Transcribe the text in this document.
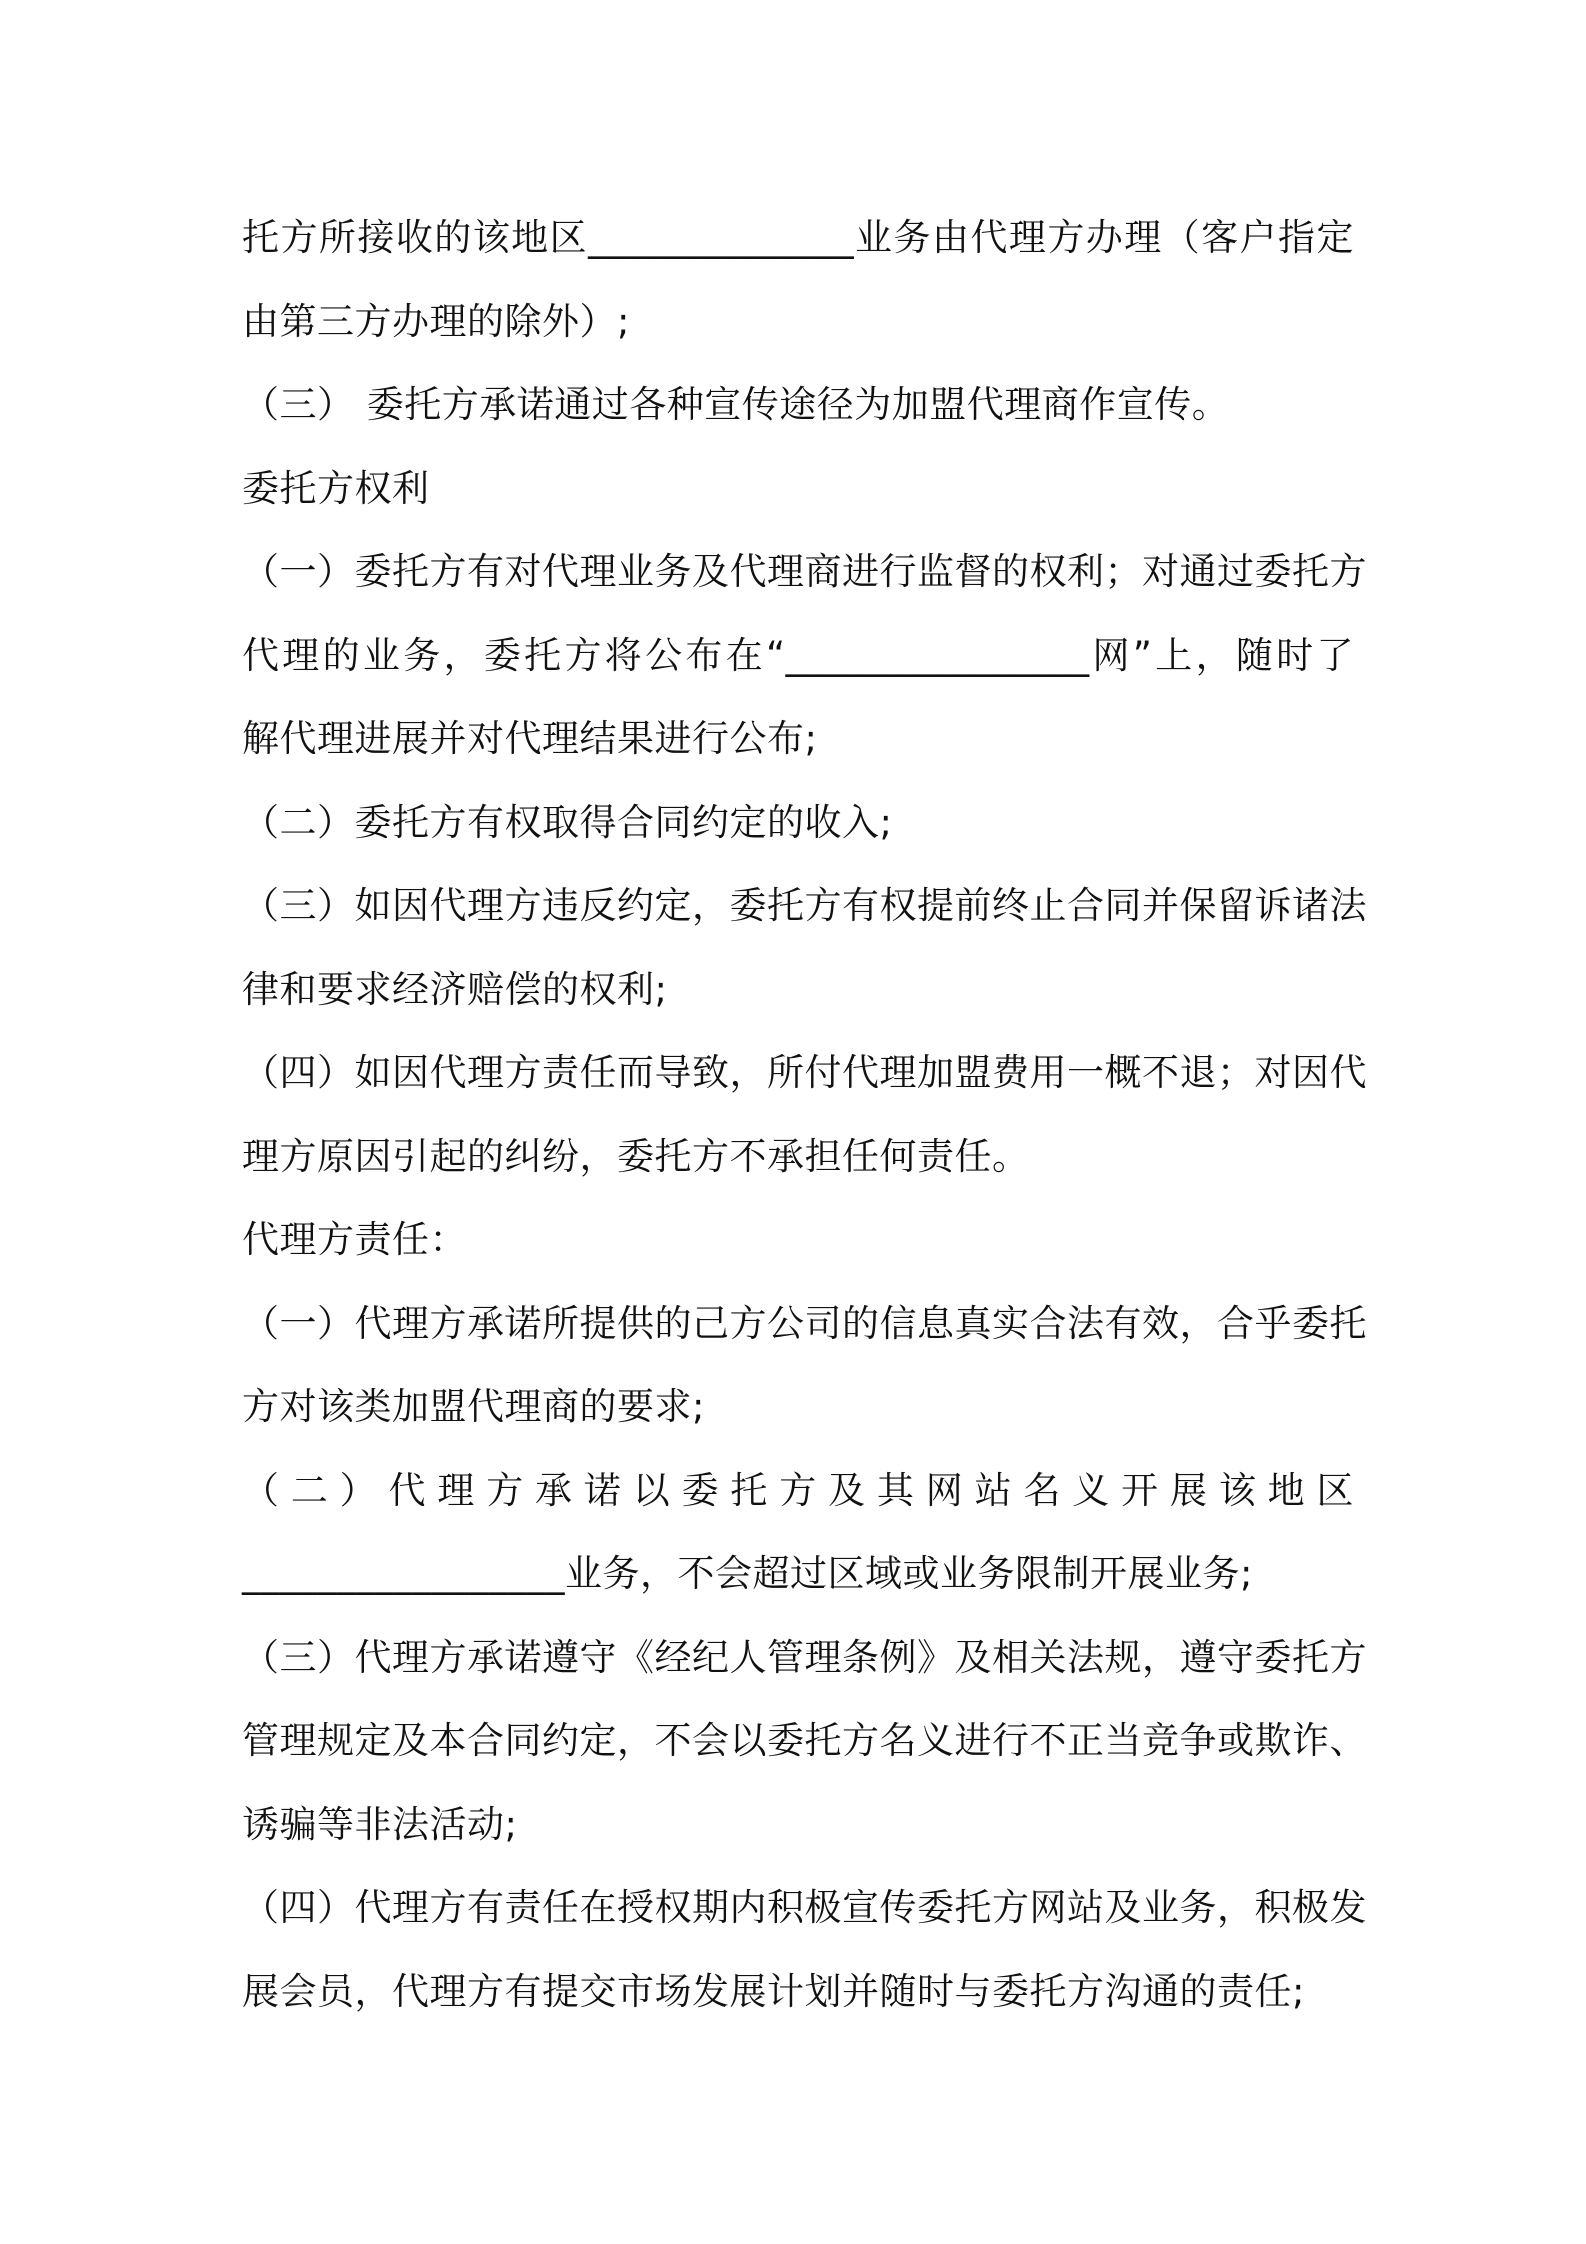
托方所接收的该地区______________业务由代理方办理（客户指定
由第三方办理的除外）;
（三） 委托方承诺通过各种宣传途径为加盟代理商作宣传。
委托方权利
（一）委托方有对代理业务及代理商进行监督的权利；对通过委托方
代理的业务，委托方将公布在“________________网”上，随时了
解代理进展并对代理结果进行公布;
（二）委托方有权取得合同约定的收入;
（三）如因代理方违反约定，委托方有权提前终止合同并保留诉诸法
律和要求经济赔偿的权利;
（四）如因代理方责任而导致，所付代理加盟费用一概不退；对因代
理方原因引起的纠纷，委托方不承担任何责任。
代理方责任：
（一）代理方承诺所提供的己方公司的信息真实合法有效，合乎委托
方对该类加盟代理商的要求;
（二）代理方承诺以委托方及其网站名义开展该地区
_________________业务，不会超过区域或业务限制开展业务;
（三）代理方承诺遵守《经纪人管理条例》及相关法规，遵守委托方
管理规定及本合同约定，不会以委托方名义进行不正当竞争或欺诈、
诱骗等非法活动;
（四）代理方有责任在授权期内积极宣传委托方网站及业务，积极发
展会员，代理方有提交市场发展计划并随时与委托方沟通的责任;
